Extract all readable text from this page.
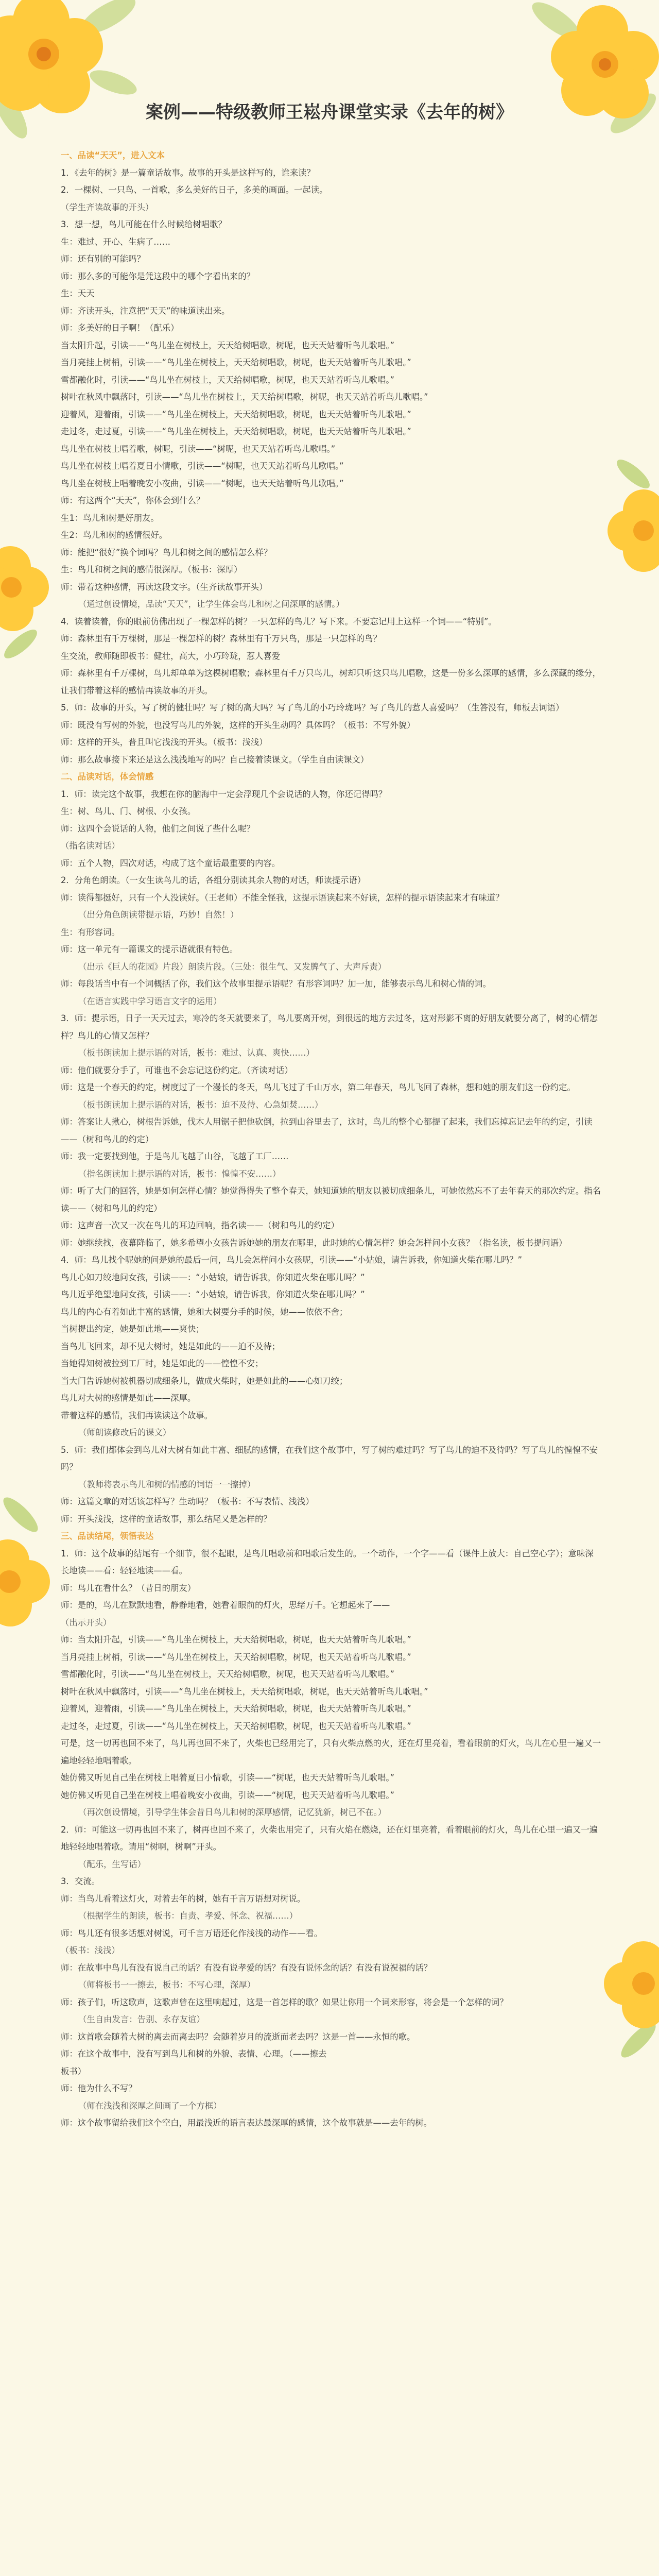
案例——特级教师王崧舟课堂实录《去年的树》
一、品读“天天”，进入文本
1．《去年的树》是一篇童话故事。故事的开头是这样写的，谁来读？
2．一棵树、一只鸟、一首歌，多么美好的日子，多美的画面。一起读。
（学生齐读故事的开头）
3．想一想，鸟儿可能在什么时候给树唱歌？
生：难过、开心、生病了……
师：还有别的可能吗？
师：那么多的可能你是凭这段中的哪个字看出来的？
生：天天
师：齐读开头，注意把“天天”的味道读出来。
师：多美好的日子啊！（配乐）
当太阳升起，引读——“鸟儿坐在树枝上，天天给树唱歌，树呢，也天天站着听鸟儿歌唱。”
当月亮挂上树梢，引读——“鸟儿坐在树枝上，天天给树唱歌，树呢，也天天站着听鸟儿歌唱。”
雪都融化时，引读——“鸟儿坐在树枝上，天天给树唱歌，树呢，也天天站着听鸟儿歌唱。”
树叶在秋风中飘落时，引读——“鸟儿坐在树枝上，天天给树唱歌，树呢，也天天站着听鸟儿歌唱。”
迎着风，迎着雨，引读——“鸟儿坐在树枝上，天天给树唱歌，树呢，也天天站着听鸟儿歌唱。”
走过冬，走过夏，引读——“鸟儿坐在树枝上，天天给树唱歌，树呢，也天天站着听鸟儿歌唱。”
鸟儿坐在树枝上唱着歌，树呢，引读——“树呢，也天天站着听鸟儿歌唱。”
鸟儿坐在树枝上唱着夏日小情歌，引读——“树呢，也天天站着听鸟儿歌唱。”
鸟儿坐在树枝上唱着晚安小夜曲，引读——“树呢，也天天站着听鸟儿歌唱。”
师：有这两个“天天”，你体会到什么？
生1：鸟儿和树是好朋友。
生2：鸟儿和树的感情很好。
师：能把“很好”换个词吗？鸟儿和树之间的感情怎么样？
生：鸟儿和树之间的感情很深厚。（板书：深厚）
师：带着这种感情，再读这段文字。（生齐读故事开头）
（通过创设情境，品读“天天”，让学生体会鸟儿和树之间深厚的感情。）
4．读着读着，你的眼前仿佛出现了一棵怎样的树？一只怎样的鸟儿？写下来。不要忘记用上这样一个词——“特别”。
师：森林里有千万棵树，那是一棵怎样的树？森林里有千万只鸟，那是一只怎样的鸟？
生交流，教师随即板书：健壮，高大，小巧玲珑，惹人喜爱
师：森林里有千万棵树，鸟儿却单单为这棵树唱歌；森林里有千万只鸟儿，树却只听这只鸟儿唱歌，这是一份多么深厚的感情，多么深藏的缘分，让我们带着这样的感情再读故事的开头。
5．师：故事的开头，写了树的健壮吗？写了树的高大吗？写了鸟儿的小巧玲珑吗？写了鸟儿的惹人喜爱吗？（生答没有，师板去词语）
师：既没有写树的外貌，也没写鸟儿的外貌，这样的开头生动吗？具体吗？（板书：不写外貌）
师：这样的开头，普且叫它浅浅的开头。（板书：浅浅）
师：那么故事接下来还是这么浅浅地写的吗？自己接着读课文。（学生自由读课文）
二、品读对话，体会情感
1．师：读完这个故事，我想在你的脑海中一定会浮现几个会说话的人物，你还记得吗？
生：树、鸟儿、门、树根、小女孩。
师：这四个会说话的人物，他们之间说了些什么呢？
（指名读对话）
师：五个人物，四次对话，构成了这个童话最重要的内容。
2．分角色朗读。（一女生读鸟儿的话，各组分别读其余人物的对话，师读提示语）
师：读得都挺好，只有一个人没读好。（王老师）不能全怪我，这提示语读起来不好读，怎样的提示语读起来才有味道？
（出分角色朗读带提示语，巧妙！自然！）
生：有形容词。
师：这一单元有一篇课文的提示语就很有特色。
（出示《巨人的花园》片段）朗读片段。（三处：很生气、又发脾气了、大声斥责）
师：每段话当中有一个词概括了你，我们这个故事里提示语呢？有形容词吗？加一加，能够表示鸟儿和树心情的词。
（在语言实践中学习语言文字的运用）
3．师：提示语，日子一天天过去，寒冷的冬天就要来了，鸟儿要离开树，到很远的地方去过冬，这对形影不离的好朋友就要分离了，树的心情怎样？鸟儿的心情又怎样？
（板书朗读加上提示语的对话，板书：难过、认真、爽快……）
师：他们就要分手了，可谁也不会忘记这份约定。（齐读对话）
师：这是一个春天的约定，树度过了一个漫长的冬天，鸟儿飞过了千山万水，第二年春天，鸟儿飞回了森林，想和她的朋友们这一份约定。
（板书朗读加上提示语的对话，板书：迫不及待、心急如焚……）
师：答案让人揪心，树根告诉她，伐木人用锯子把他砍倒，拉到山谷里去了，这时，鸟儿的整个心都提了起来，我们忘掉忘记去年的约定，引读——（树和鸟儿的约定）
师：我一定要找到他，于是鸟儿飞越了山谷，飞越了工厂……
（指名朗读加上提示语的对话，板书：惶惶不安……）
师：听了大门的回答，她是如何怎样心情？她觉得得失了整个春天，她知道她的朋友以被切成细条儿，可她依然忘不了去年春天的那次约定。指名读——（树和鸟儿的约定）
师：这声音一次又一次在鸟儿的耳边回响，指名读——（树和鸟儿的约定）
师：她继续找，夜幕降临了，她多希望小女孩告诉她她的朋友在哪里，此时她的心情怎样？她会怎样问小女孩？（指名读，板书提问语）
4．师：鸟儿找个呢她的问是她的最后一问，鸟儿会怎样问小女孩呢，引读——“小姑娘，请告诉我，你知道火柴在哪儿吗？”
鸟儿心如刀绞地问女孩，引读——：“小姑娘，请告诉我，你知道火柴在哪儿吗？”
鸟儿近乎绝望地问女孩，引读——：“小姑娘，请告诉我，你知道火柴在哪儿吗？”
鸟儿的内心有着如此丰富的感情，她和大树要分手的时候，她——依依不舍；
当树提出约定，她是如此地——爽快；
当鸟儿飞回来，却不见大树时，她是如此的——迫不及待；
当她得知树被拉到工厂时，她是如此的——惶惶不安；
当大门告诉她树被机器切成细条儿，做成火柴时，她是如此的——心如刀绞；
鸟儿对大树的感情是如此——深厚。
带着这样的感情，我们再读读这个故事。
（师朗读修改后的课文）
5．师：我们都体会到鸟儿对大树有如此丰富、细腻的感情，在我们这个故事中，写了树的难过吗？写了鸟儿的迫不及待吗？写了鸟儿的惶惶不安吗？
（教师将表示鸟儿和树的情感的词语一一擦掉）
师：这篇文章的对话该怎样写？生动吗？（板书：不写表情、浅浅）
师：开头浅浅，这样的童话故事，那么结尾又是怎样的？
三、品读结尾，领悟表达
1．师：这个故事的结尾有一个细节，很不起眼，是鸟儿唱歌前和唱歌后发生的。一个动作，一个字——看（课件上放大：自己空心字）；意味深长地读——看：轻轻地读——看。
师：鸟儿在看什么？（昔日的朋友）
师：是的，鸟儿在默默地看，静静地看，她看着眼前的灯火，思绪万千。它想起来了——
（出示开头）
师：当太阳升起，引读——“鸟儿坐在树枝上，天天给树唱歌，树呢，也天天站着听鸟儿歌唱。”
当月亮挂上树梢，引读——“鸟儿坐在树枝上，天天给树唱歌，树呢，也天天站着听鸟儿歌唱。”
雪都融化时，引读——“鸟儿坐在树枝上，天天给树唱歌，树呢，也天天站着听鸟儿歌唱。”
树叶在秋风中飘落时，引读——“鸟儿坐在树枝上，天天给树唱歌，树呢，也天天站着听鸟儿歌唱。”
迎着风，迎着雨，引读——“鸟儿坐在树枝上，天天给树唱歌，树呢，也天天站着听鸟儿歌唱。”
走过冬，走过夏，引读——“鸟儿坐在树枝上，天天给树唱歌，树呢，也天天站着听鸟儿歌唱。”
可是，这一切再也回不来了，鸟儿再也回不来了，火柴也已经用完了，只有火柴点燃的火，还在灯里亮着，看着眼前的灯火，鸟儿在心里一遍又一遍地轻轻地唱着歌。
她仿佛又听见自己坐在树枝上唱着夏日小情歌，引读——“树呢，也天天站着听鸟儿歌唱。”
她仿佛又听见自己坐在树枝上唱着晚安小夜曲，引读——“树呢，也天天站着听鸟儿歌唱。”
（再次创设情境，引导学生体会昔日鸟儿和树的深厚感情，记忆犹新，树已不在。）
2．师：可能这一切再也回不来了，树再也回不来了，火柴也用完了，只有火焰在燃烧，还在灯里亮着，看着眼前的灯火，鸟儿在心里一遍又一遍地轻轻地唱着歌。请用“树啊，树啊”开头。
（配乐，生写话）
3．交流。
师：当鸟儿看着这灯火，对着去年的树，她有千言万语想对树说。
（根据学生的朗读，板书：自责、孝爱、怀念、祝福……）
师：鸟儿还有很多话想对树说，可千言万语还化作浅浅的动作——看。
（板书：浅浅）
师：在故事中鸟儿有没有说自己的话？有没有说孝爱的话？有没有说怀念的话？有没有说祝福的话？
（师将板书一一擦去，板书：不写心理，深厚）
师：孩子们，听这歌声，这歌声曾在这里响起过，这是一首怎样的歌？如果让你用一个词来形容，将会是一个怎样的词？
（生自由发言：告别、永存友谊）
师：这首歌会随着大树的离去而离去吗？会随着岁月的流逝而老去吗？这是一首——永恒的歌。
师：在这个故事中，没有写到鸟儿和树的外貌、表情、心理。（——擦去
板书）
师：他为什么不写？
（师在浅浅和深厚之间画了一个方框）
师：这个故事留给我们这个空白，用最浅近的语言表达最深厚的感情，这个故事就是——去年的树。
